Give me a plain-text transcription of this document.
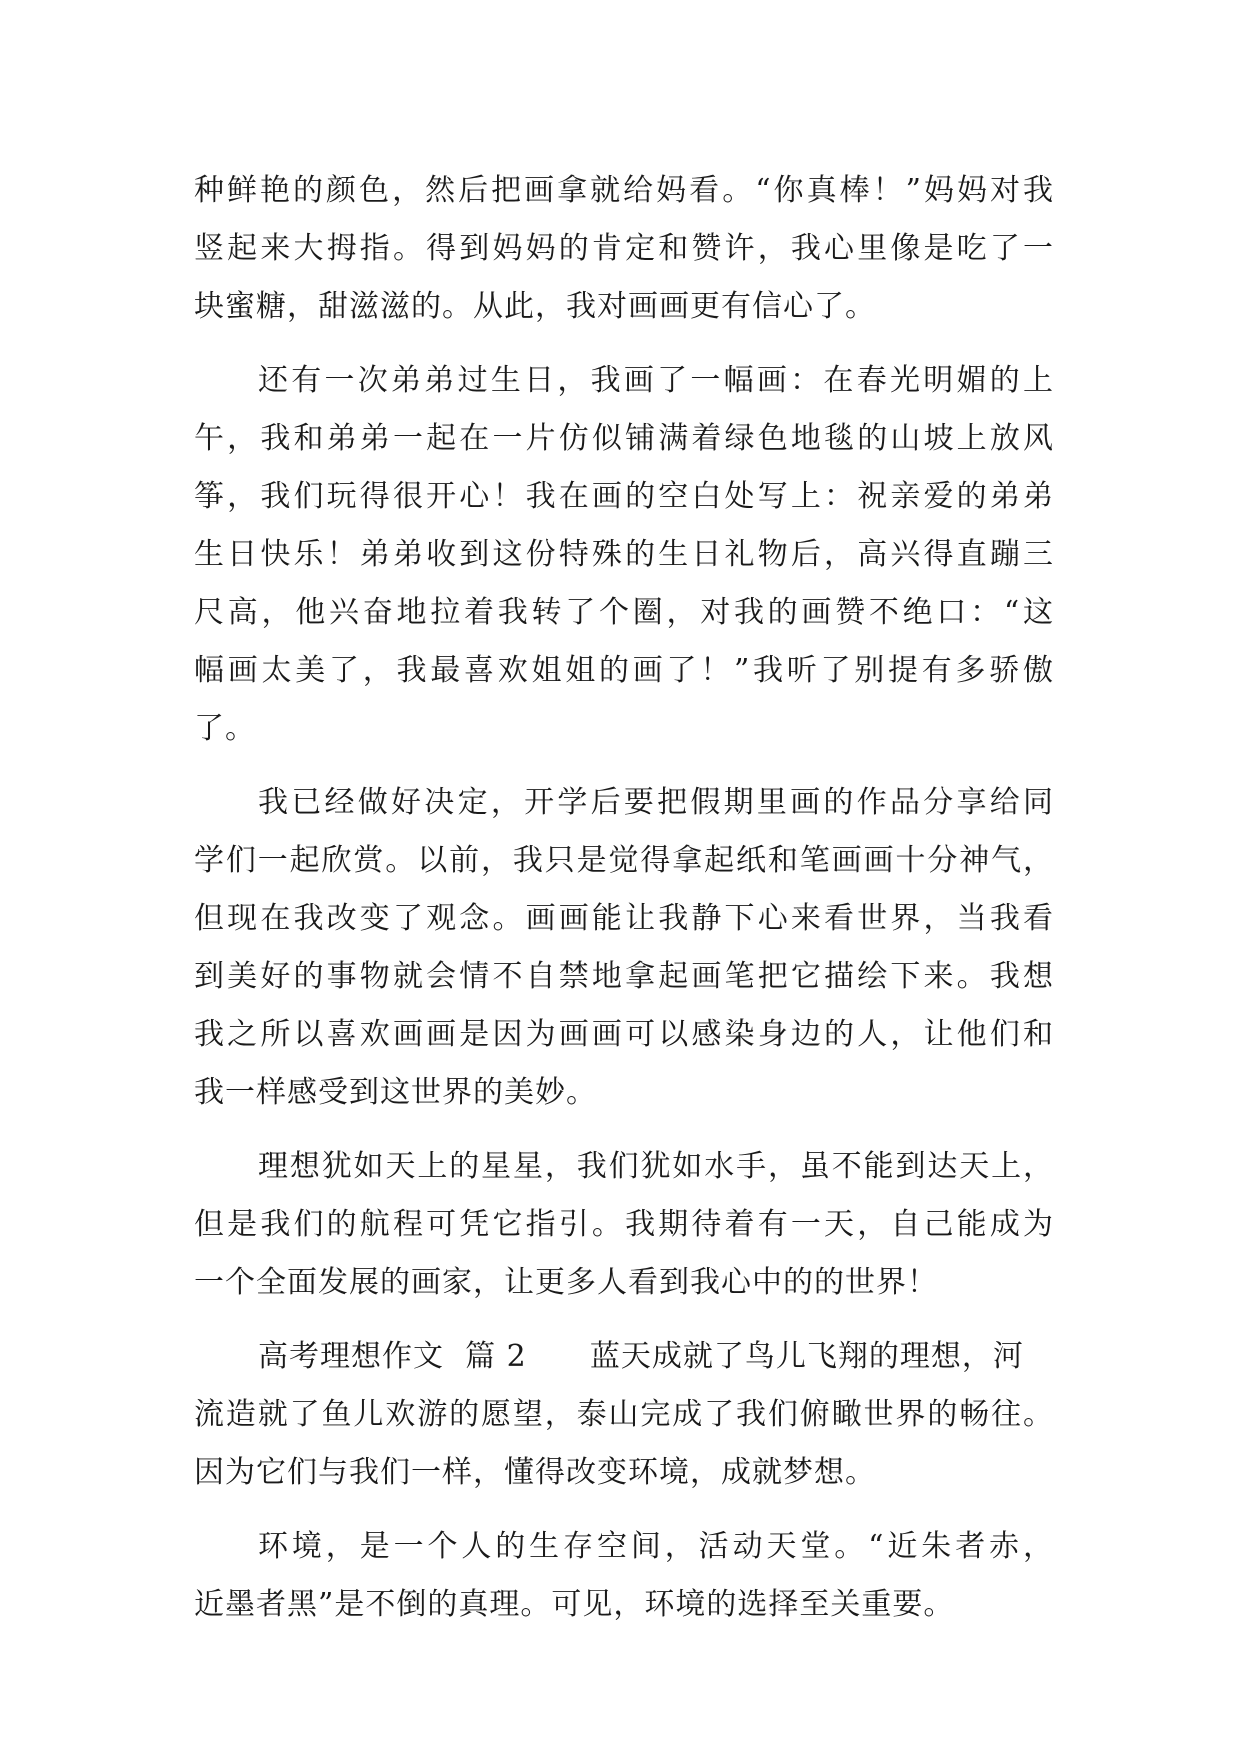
种鲜艳的颜色，然后把画拿就给妈看。“你真棒！”妈妈对我
竖起来大拇指。得到妈妈的肯定和赞许，我心里像是吃了一
块蜜糖，甜滋滋的。从此，我对画画更有信心了。
还有一次弟弟过生日，我画了一幅画：在春光明媚的上
午，我和弟弟一起在一片仿似铺满着绿色地毯的山坡上放风
筝，我们玩得很开心！我在画的空白处写上：祝亲爱的弟弟
生日快乐！弟弟收到这份特殊的生日礼物后，高兴得直蹦三
尺高，他兴奋地拉着我转了个圈，对我的画赞不绝口：“这
幅画太美了，我最喜欢姐姐的画了！”我听了别提有多骄傲
了。
我已经做好决定，开学后要把假期里画的作品分享给同
学们一起欣赏。以前，我只是觉得拿起纸和笔画画十分神气，
但现在我改变了观念。画画能让我静下心来看世界，当我看
到美好的事物就会情不自禁地拿起画笔把它描绘下来。我想
我之所以喜欢画画是因为画画可以感染身边的人，让他们和
我一样感受到这世界的美妙。
理想犹如天上的星星，我们犹如水手，虽不能到达天上，
但是我们的航程可凭它指引。我期待着有一天，自己能成为
一个全面发展的画家，让更多人看到我心中的的世界！
高考理想作文  篇 2      蓝天成就了鸟儿飞翔的理想，河
流造就了鱼儿欢游的愿望，泰山完成了我们俯瞰世界的畅往。
因为它们与我们一样，懂得改变环境，成就梦想。
环境，是一个人的生存空间，活动天堂。“近朱者赤，
近墨者黑”是不倒的真理。可见，环境的选择至关重要。
